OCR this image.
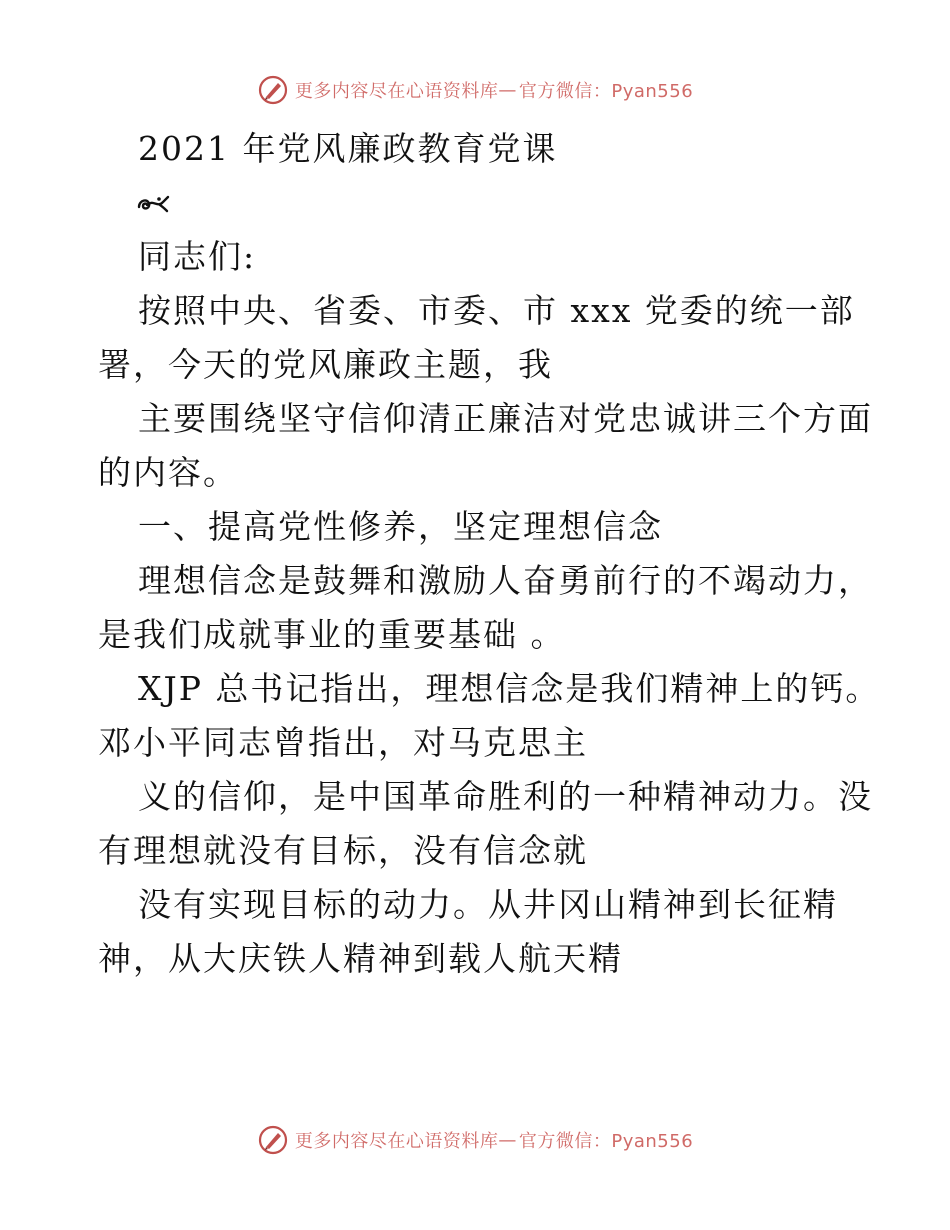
更多内容尽在心语资料库 — 官方微信：Pyan556

2021 年党风廉政教育党课

同志们:

按照中央、省委、市委、市 xxx 党委的统一部

署，今天的党风廉政主题，我

主要围绕坚守信仰清正廉洁对党忠诚讲三个方面

的内容。

一、提高党性修养，坚定理想信念

理想信念是鼓舞和激励人奋勇前行的不竭动力，

是我们成就事业的重要基础 。

XJP 总书记指出，理想信念是我们精神上的钙。

邓小平同志曾指出，对马克思主

义的信仰，是中国革命胜利的一种精神动力。没

有理想就没有目标，没有信念就

没有实现目标的动力。从井冈山精神到长征精

神，从大庆铁人精神到载人航天精

更多内容尽在心语资料库 — 官方微信：Pyan556
